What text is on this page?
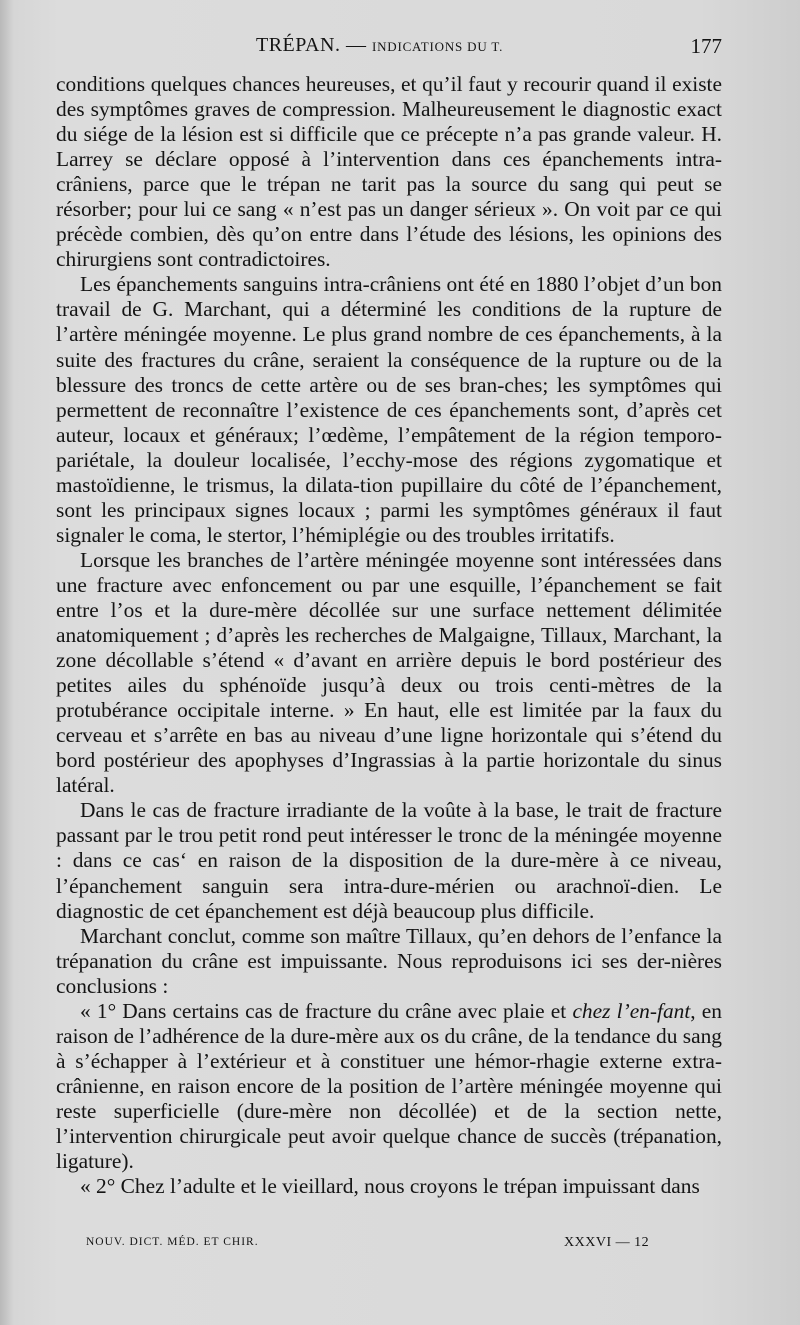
TRÉPAN. — INDICATIONS DU T.	177

conditions quelques chances heureuses, et qu’il faut y recourir quand il existe des symptômes graves de compression. Malheureusement le diagnostic exact du siége de la lésion est si difficile que ce précepte n’a pas grande valeur. H. Larrey se déclare opposé à l’intervention dans ces épanchements intra-crâniens, parce que le trépan ne tarit pas la source du sang qui peut se résorber; pour lui ce sang « n’est pas un danger sérieux ». On voit par ce qui précède combien, dès qu’on entre dans l’étude des lésions, les opinions des chirurgiens sont contradictoires.

Les épanchements sanguins intra-crâniens ont été en 1880 l’objet d’un bon travail de G. Marchant, qui a déterminé les conditions de la rupture de l’artère méningée moyenne. Le plus grand nombre de ces épanchements, à la suite des fractures du crâne, seraient la conséquence de la rupture ou de la blessure des troncs de cette artère ou de ses bran-ches; les symptômes qui permettent de reconnaître l’existence de ces épanchements sont, d’après cet auteur, locaux et généraux; l’œdème, l’empâtement de la région temporo-pariétale, la douleur localisée, l’ecchy-mose des régions zygomatique et mastoïdienne, le trismus, la dilata-tion pupillaire du côté de l’épanchement, sont les principaux signes locaux ; parmi les symptômes généraux il faut signaler le coma, le stertor, l’hémiplégie ou des troubles irritatifs.

Lorsque les branches de l’artère méningée moyenne sont intéressées dans une fracture avec enfoncement ou par une esquille, l’épanchement se fait entre l’os et la dure-mère décollée sur une surface nettement délimitée anatomiquement ; d’après les recherches de Malgaigne, Tillaux, Marchant, la zone décollable s’étend « d’avant en arrière depuis le bord postérieur des petites ailes du sphénoïde jusqu’à deux ou trois centi-mètres de la protubérance occipitale interne. » En haut, elle est limitée par la faux du cerveau et s’arrête en bas au niveau d’une ligne horizontale qui s’étend du bord postérieur des apophyses d’Ingrassias à la partie horizontale du sinus latéral.

Dans le cas de fracture irradiante de la voûte à la base, le trait de fracture passant par le trou petit rond peut intéresser le tronc de la méningée moyenne : dans ce cas‘ en raison de la disposition de la dure-mère à ce niveau, l’épanchement sanguin sera intra-dure-mérien ou arachnoï-dien. Le diagnostic de cet épanchement est déjà beaucoup plus difficile.

Marchant conclut, comme son maître Tillaux, qu’en dehors de l’enfance la trépanation du crâne est impuissante. Nous reproduisons ici ses der-nières conclusions :

« 1° Dans certains cas de fracture du crâne avec plaie et chez l’en-fant, en raison de l’adhérence de la dure-mère aux os du crâne, de la tendance du sang à s’échapper à l’extérieur et à constituer une hémor-rhagie externe extra-crânienne, en raison encore de la position de l’artère méningée moyenne qui reste superficielle (dure-mère non décollée) et de la section nette, l’intervention chirurgicale peut avoir quelque chance de succès (trépanation, ligature).

« 2° Chez l’adulte et le vieillard, nous croyons le trépan impuissant dans

NOUV. DICT. MÉD. ET CHIR.	XXXVI — 12
